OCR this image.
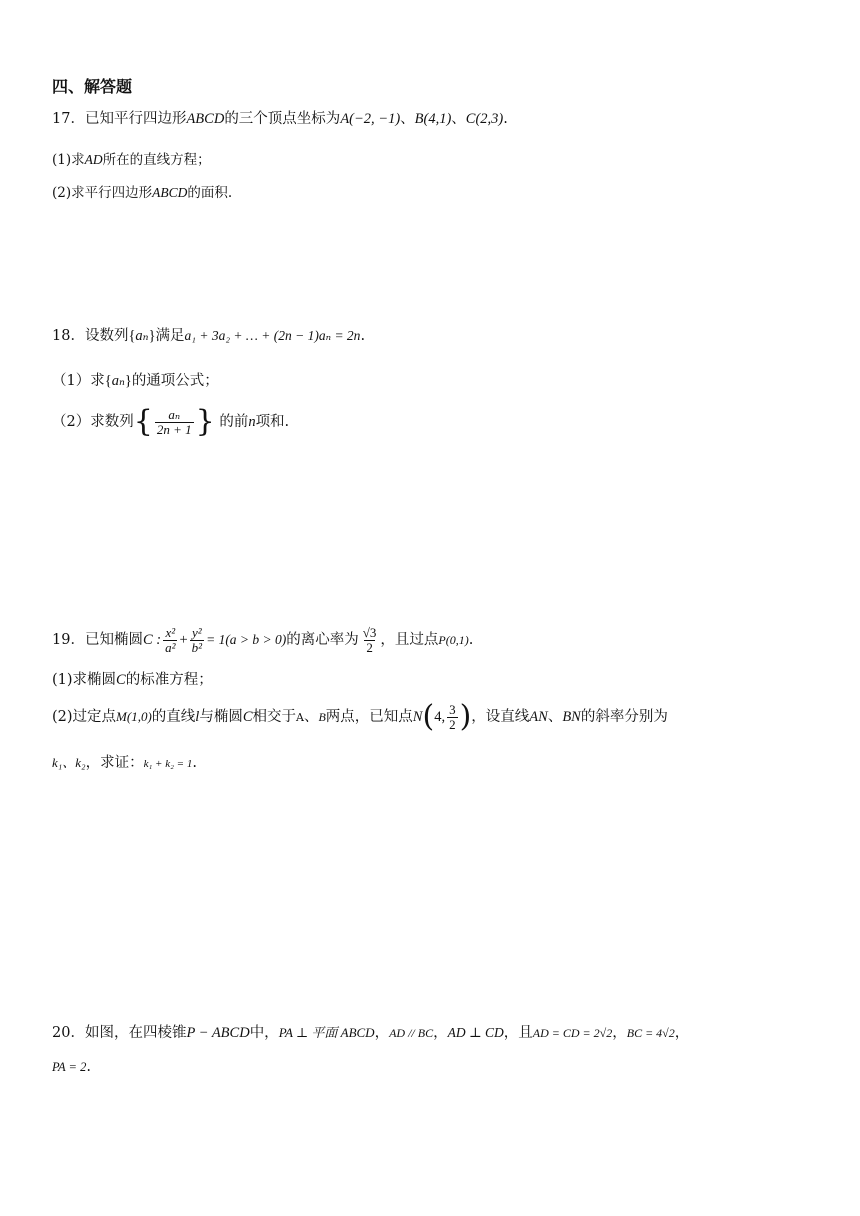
四、解答题
17．已知平行四边形ABCD的三个顶点坐标为A(−2, −1)、B(4,1)、C(2,3).
(1)求AD所在的直线方程；
(2)求平行四边形ABCD的面积.
18．设数列{aₙ}满足a₁ + 3a₂ + … + (2n − 1)aₙ = 2n.
（1）求{aₙ}的通项公式；
（2）求数列{ $\frac{\text{aₙ}}{2n + 1}$ } 的前n项和.
19．已知椭圆C : $\frac{\text{x²}}{\text{a²}} + \frac{\text{y²}}{\text{b²}} = 1(a > b > 0)$的离心率为 $\frac{√3}{2}$ ，且过点P(0,1).
(1)求椭圆C的标准方程；
(2)过定点M(1,0)的直线l与椭圆C相交于A、B两点，已知点N(4, $\frac{3}{2}$ )，设直线AN、BN的斜率分别为
k₁、k₂，求证：k₁ + k₂ = 1.
20．如图，在四棱锥P − ABCD中，PA ⊥ 平面 ABCD，AD // BC，AD ⊥ CD，且AD = CD = 2√2，BC = 4√2，
PA = 2.
